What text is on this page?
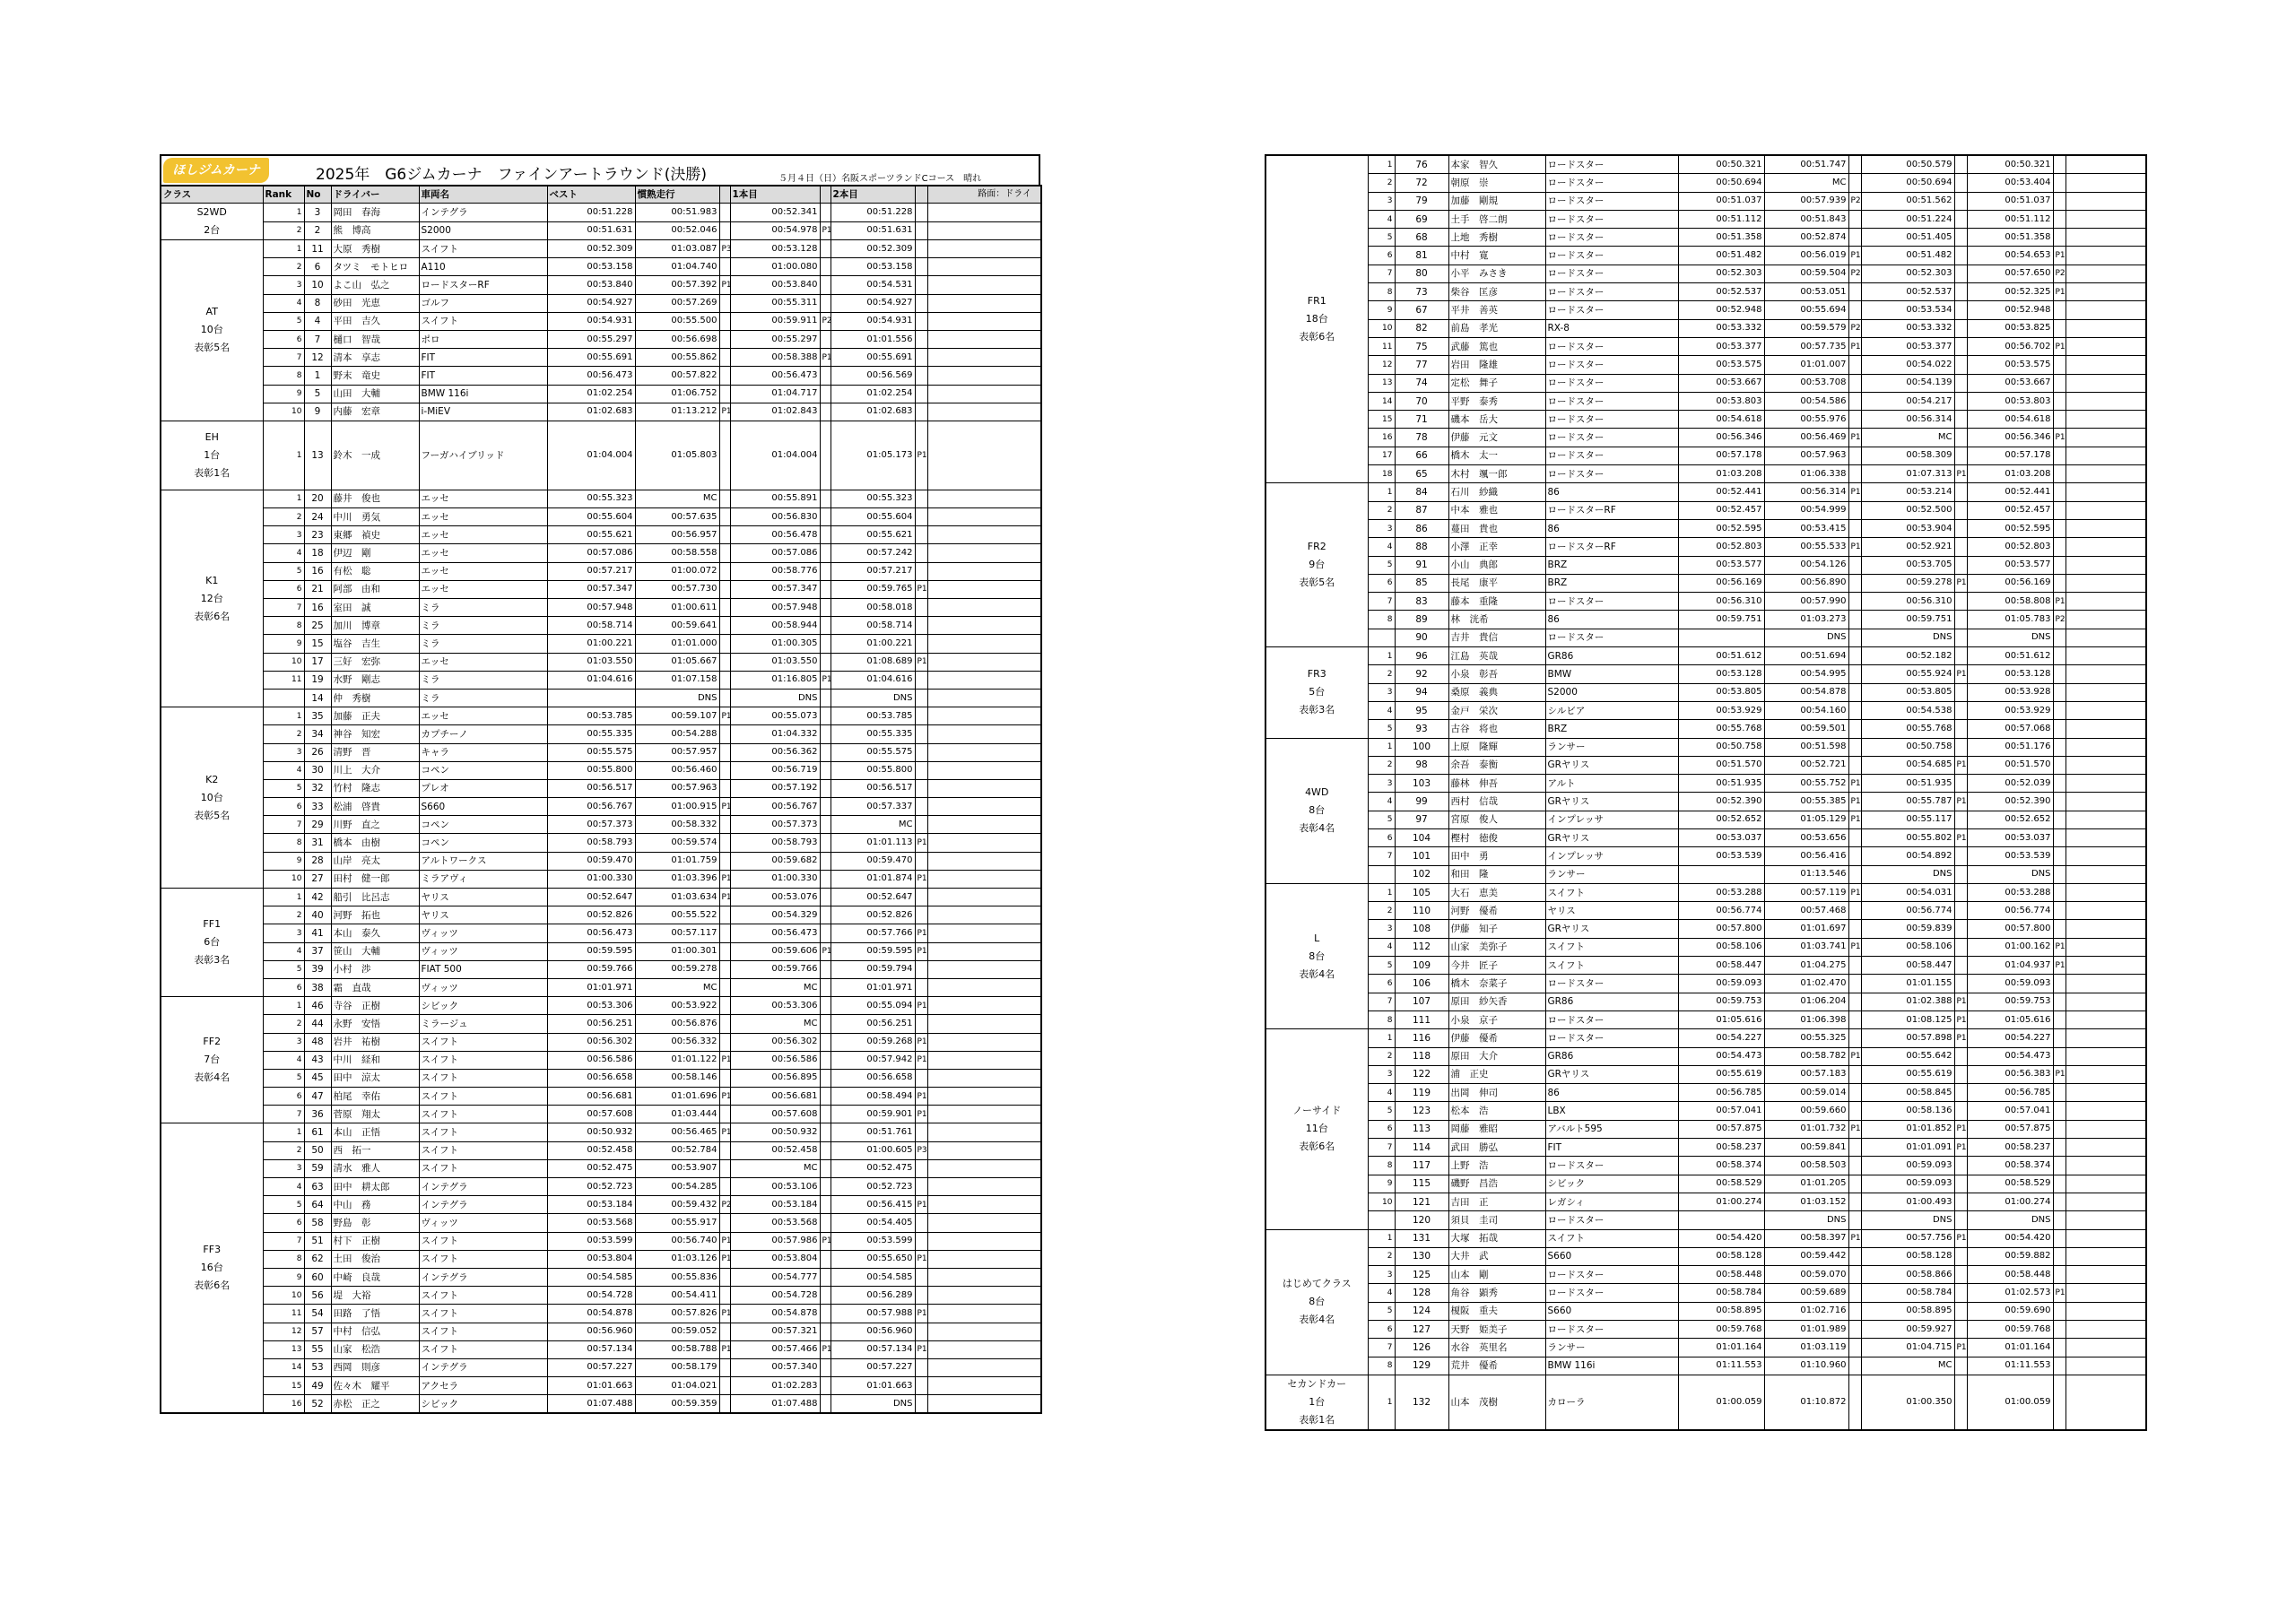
ほしジムカーナ	2025年　G6ジムカーナ　ファインアートラウンド(決勝)	５月４日（日）名阪スポーツランドCコース　晴れ
路面：ドライ
クラス	Rank	No	ドライバー	車両名	ベスト	慣熟走行		1本目		2本目		
S2WD
2台	1	3	岡田　春海	インテグラ	00:51.228	00:51.983		00:52.341		00:51.228		
	2	2	熊　博高	S2000	00:51.631	00:52.046		00:54.978	P1	00:51.631		
AT
10台
表彰5名	1	11	大原　秀樹	スイフト	00:52.309	01:03.087	P3	00:53.128		00:52.309		
	2	6	タツミ　モトヒロ	A110	00:53.158	01:04.740		01:00.080		00:53.158		
	3	10	よこ山　弘之	ロードスターRF	00:53.840	00:57.392	P1	00:53.840		00:54.531		
	4	8	砂田　光恵	ゴルフ	00:54.927	00:57.269		00:55.311		00:54.927		
	5	4	平田　吉久	スイフト	00:54.931	00:55.500		00:59.911	P2	00:54.931		
	6	7	樋口　智哉	ポロ	00:55.297	00:56.698		00:55.297		01:01.556		
	7	12	清本　享志	FIT	00:55.691	00:55.862		00:58.388	P1	00:55.691		
	8	1	野末　竜史	FIT	00:56.473	00:57.822		00:56.473		00:56.569		
	9	5	山田　大輔	BMW 116i	01:02.254	01:06.752		01:04.717		01:02.254		
	10	9	内藤　宏章	i-MiEV	01:02.683	01:13.212	P1	01:02.843		01:02.683		
EH
1台
表彰1名	1	13	鈴木　一成	フーガハイブリッド	01:04.004	01:05.803		01:04.004		01:05.173	P1	
K1
12台
表彰6名	1	20	藤井　俊也	エッセ	00:55.323	MC		00:55.891		00:55.323		
	2	24	中川　勇気	エッセ	00:55.604	00:57.635		00:56.830		00:55.604		
	3	23	東郷　禎史	エッセ	00:55.621	00:56.957		00:56.478		00:55.621		
	4	18	伊辺　剛	エッセ	00:57.086	00:58.558		00:57.086		00:57.242		
	5	16	有松　聡	エッセ	00:57.217	01:00.072		00:58.776		00:57.217		
	6	21	阿部　由和	エッセ	00:57.347	00:57.730		00:57.347		00:59.765	P1	
	7	16	室田　誠	ミラ	00:57.948	01:00.611		00:57.948		00:58.018		
	8	25	加川　博章	ミラ	00:58.714	00:59.641		00:58.944		00:58.714		
	9	15	塩谷　吉生	ミラ	01:00.221	01:01.000		01:00.305		01:00.221		
	10	17	三好　宏弥	エッセ	01:03.550	01:05.667		01:03.550		01:08.689	P1	
	11	19	水野　剛志	ミラ	01:04.616	01:07.158		01:16.805	P1	01:04.616		
		14	仲　秀樹	ミラ		DNS		DNS		DNS		
K2
10台
表彰5名	1	35	加藤　正夫	エッセ	00:53.785	00:59.107	P1	00:55.073		00:53.785		
	2	34	神谷　知宏	カプチーノ	00:55.335	00:54.288		01:04.332		00:55.335		
	3	26	清野　晋	キャラ	00:55.575	00:57.957		00:56.362		00:55.575		
	4	30	川上　大介	コペン	00:55.800	00:56.460		00:56.719		00:55.800		
	5	32	竹村　隆志	プレオ	00:56.517	00:57.963		00:57.192		00:56.517		
	6	33	松浦　啓貴	S660	00:56.767	01:00.915	P1	00:56.767		00:57.337		
	7	29	川野　直之	コペン	00:57.373	00:58.332		00:57.373		MC		
	8	31	橋本　由樹	コペン	00:58.793	00:59.574		00:58.793		01:01.113	P1	
	9	28	山岸　亮太	アルトワークス	00:59.470	01:01.759		00:59.682		00:59.470		
	10	27	田村　健一郎	ミラアヴィ	01:00.330	01:03.396	P1	01:00.330		01:01.874	P1	
FF1
6台
表彰3名	1	42	船引　比呂志	ヤリス	00:52.647	01:03.634	P1	00:53.076		00:52.647		
	2	40	河野　拓也	ヤリス	00:52.826	00:55.522		00:54.329		00:52.826		
	3	41	本山　泰久	ヴィッツ	00:56.473	00:57.117		00:56.473		00:57.766	P1	
	4	37	笹山　大輔	ヴィッツ	00:59.595	01:00.301		00:59.606	P1	00:59.595	P1	
	5	39	小村　渉	FIAT 500	00:59.766	00:59.278		00:59.766		00:59.794		
	6	38	霜　直哉	ヴィッツ	01:01.971	MC		MC		01:01.971		
FF2
7台
表彰4名	1	46	寺谷　正樹	シビック	00:53.306	00:53.922		00:53.306		00:55.094	P1	
	2	44	永野　安悟	ミラージュ	00:56.251	00:56.876		MC		00:56.251		
	3	48	岩井　祐樹	スイフト	00:56.302	00:56.332		00:56.302		00:59.268	P1	
	4	43	中川　経和	スイフト	00:56.586	01:01.122	P1	00:56.586		00:57.942	P1	
	5	45	田中　涼太	スイフト	00:56.658	00:58.146		00:56.895		00:56.658		
	6	47	柏尾　幸佑	スイフト	00:56.681	01:01.696	P1	00:56.681		00:58.494	P1	
	7	36	菅原　翔太	スイフト	00:57.608	01:03.444		00:57.608		00:59.901	P1	
FF3
16台
表彰6名	1	61	本山　正悟	スイフト	00:50.932	00:56.465	P1	00:50.932		00:51.761		
	2	50	西　拓一	スイフト	00:52.458	00:52.784		00:52.458		01:00.605	P3	
	3	59	清水　雅人	スイフト	00:52.475	00:53.907		MC		00:52.475		
	4	63	田中　耕太郎	インテグラ	00:52.723	00:54.285		00:53.106		00:52.723		
	5	64	中山　務	インテグラ	00:53.184	00:59.432	P2	00:53.184		00:56.415	P1	
	6	58	野島　彰	ヴィッツ	00:53.568	00:55.917		00:53.568		00:54.405		
	7	51	村下　正樹	スイフト	00:53.599	00:56.740	P1	00:57.986	P1	00:53.599		
	8	62	土田　俊治	スイフト	00:53.804	01:03.126	P1	00:53.804		00:55.650	P1	
	9	60	中崎　良哉	インテグラ	00:54.585	00:55.836		00:54.777		00:54.585		
	10	56	堤　大裕	スイフト	00:54.728	00:54.411		00:54.728		00:56.289		
	11	54	田路　了悟	スイフト	00:54.878	00:57.826	P1	00:54.878		00:57.988	P1	
	12	57	中村　信弘	スイフト	00:56.960	00:59.052		00:57.321		00:56.960		
	13	55	山家　松浩	スイフト	00:57.134	00:58.788	P1	00:57.466	P1	00:57.134	P1	
	14	53	西岡　則彦	インテグラ	00:57.227	00:58.179		00:57.340		00:57.227		
	15	49	佐々木　耀平	アクセラ	01:01.663	01:04.021		01:02.283		01:01.663		
	16	52	赤松　正之	シビック	01:07.488	00:59.359		01:07.488		DNS		
FR1
18台
表彰6名	1	76	本家　智久	ロードスター	00:50.321	00:51.747		00:50.579		00:50.321		
	2	72	朝原　崇	ロードスター	00:50.694	MC		00:50.694		00:53.404		
	3	79	加藤　剛規	ロードスター	00:51.037	00:57.939	P2	00:51.562		00:51.037		
	4	69	土手　啓二朗	ロードスター	00:51.112	00:51.843		00:51.224		00:51.112		
	5	68	上地　秀樹	ロードスター	00:51.358	00:52.874		00:51.405		00:51.358		
	6	81	中村　寛	ロードスター	00:51.482	00:56.019	P1	00:51.482		00:54.653	P1	
	7	80	小平　みさき	ロードスター	00:52.303	00:59.504	P2	00:52.303		00:57.650	P2	
	8	73	柴谷　匡彦	ロードスター	00:52.537	00:53.051		00:52.537		00:52.325	P1	
	9	67	平井　善英	ロードスター	00:52.948	00:55.694		00:53.534		00:52.948		
	10	82	前島　孝光	RX-8	00:53.332	00:59.579	P2	00:53.332		00:53.825		
	11	75	武藤　篤也	ロードスター	00:53.377	00:57.735	P1	00:53.377		00:56.702	P1	
	12	77	岩田　隆雄	ロードスター	00:53.575	01:01.007		00:54.022		00:53.575		
	13	74	定松　舞子	ロードスター	00:53.667	00:53.708		00:54.139		00:53.667		
	14	70	平野　泰秀	ロードスター	00:53.803	00:54.586		00:54.217		00:53.803		
	15	71	磯本　岳大	ロードスター	00:54.618	00:55.976		00:56.314		00:54.618		
	16	78	伊藤　元文	ロードスター	00:56.346	00:56.469	P1	MC		00:56.346	P1	
	17	66	橋木　太一	ロードスター	00:57.178	00:57.963		00:58.309		00:57.178		
	18	65	木村　颯一郎	ロードスター	01:03.208	01:06.338		01:07.313	P1	01:03.208		
FR2
9台
表彰5名	1	84	石川　紗織	86	00:52.441	00:56.314	P1	00:53.214		00:52.441		
	2	87	中本　雅也	ロードスターRF	00:52.457	00:54.999		00:52.500		00:52.457		
	3	86	蔓田　貴也	86	00:52.595	00:53.415		00:53.904		00:52.595		
	4	88	小澤　正幸	ロードスターRF	00:52.803	00:55.533	P1	00:52.921		00:52.803		
	5	91	小山　典郎	BRZ	00:53.577	00:54.126		00:53.705		00:53.577		
	6	85	長尾　康平	BRZ	00:56.169	00:56.890		00:59.278	P1	00:56.169		
	7	83	藤本　重隆	ロードスター	00:56.310	00:57.990		00:56.310		00:58.808	P1	
	8	89	林　洸希	86	00:59.751	01:03.273		00:59.751		01:05.783	P2	
		90	吉井　貴信	ロードスター		DNS		DNS		DNS		
FR3
5台
表彰3名	1	96	江島　英哉	GR86	00:51.612	00:51.694		00:52.182		00:51.612		
	2	92	小泉　彰吾	BMW	00:53.128	00:54.995		00:55.924	P1	00:53.128		
	3	94	桑原　義典	S2000	00:53.805	00:54.878		00:53.805		00:53.928		
	4	95	金戸　栄次	シルビア	00:53.929	00:54.160		00:54.538		00:53.929		
	5	93	古谷　将也	BRZ	00:55.768	00:59.501		00:55.768		00:57.068		
4WD
8台
表彰4名	1	100	上原　隆輝	ランサー	00:50.758	00:51.598		00:50.758		00:51.176		
	2	98	余吾　泰衡	GRヤリス	00:51.570	00:52.721		00:54.685	P1	00:51.570		
	3	103	藤林　伸吾	アルト	00:51.935	00:55.752	P1	00:51.935		00:52.039		
	4	99	西村　信哉	GRヤリス	00:52.390	00:55.385	P1	00:55.787	P1	00:52.390		
	5	97	宮原　俊人	インプレッサ	00:52.652	01:05.129	P1	00:55.117		00:52.652		
	6	104	樫村　徳俊	GRヤリス	00:53.037	00:53.656		00:55.802	P1	00:53.037		
	7	101	田中　勇	インプレッサ	00:53.539	00:56.416		00:54.892		00:53.539		
		102	和田　隆	ランサー		01:13.546		DNS		DNS		
L
8台
表彰4名	1	105	大石　恵美	スイフト	00:53.288	00:57.119	P1	00:54.031		00:53.288		
	2	110	河野　優希	ヤリス	00:56.774	00:57.468		00:56.774		00:56.774		
	3	108	伊藤　知子	GRヤリス	00:57.800	01:01.697		00:59.839		00:57.800		
	4	112	山家　美弥子	スイフト	00:58.106	01:03.741	P1	00:58.106		01:00.162	P1	
	5	109	今井　匠子	スイフト	00:58.447	01:04.275		00:58.447		01:04.937	P1	
	6	106	橋木　奈菜子	ロードスター	00:59.093	01:02.470		01:01.155		00:59.093		
	7	107	原田　紗矢香	GR86	00:59.753	01:06.204		01:02.388	P1	00:59.753		
	8	111	小泉　京子	ロードスター	01:05.616	01:06.398		01:08.125	P1	01:05.616		
ノーサイド
11台
表彰6名	1	116	伊藤　優希	ロードスター	00:54.227	00:55.325		00:57.898	P1	00:54.227		
	2	118	原田　大介	GR86	00:54.473	00:58.782	P1	00:55.642		00:54.473		
	3	122	浦　正史	GRヤリス	00:55.619	00:57.183		00:55.619		00:56.383	P1	
	4	119	出岡　伸司	86	00:56.785	00:59.014		00:58.845		00:56.785		
	5	123	松本　浩	LBX	00:57.041	00:59.660		00:58.136		00:57.041		
	6	113	岡藤　雅昭	アバルト595	00:57.875	01:01.732	P1	01:01.852	P1	00:57.875		
	7	114	武田　勝弘	FIT	00:58.237	00:59.841		01:01.091	P1	00:58.237		
	8	117	上野　浩	ロードスター	00:58.374	00:58.503		00:59.093		00:58.374		
	9	115	磯野　昌浩	シビック	00:58.529	01:01.205		00:59.093		00:58.529		
	10	121	吉田　正	レガシィ	01:00.274	01:03.152		01:00.493		01:00.274		
		120	須貝　圭司	ロードスター		DNS		DNS		DNS		
はじめてクラス
8台
表彰4名	1	131	大塚　拓哉	スイフト	00:54.420	00:58.397	P1	00:57.756	P1	00:54.420		
	2	130	大井　武	S660	00:58.128	00:59.442		00:58.128		00:59.882		
	3	125	山本　剛	ロードスター	00:58.448	00:59.070		00:58.866		00:58.448		
	4	128	角谷　顕秀	ロードスター	00:58.784	00:59.689		00:58.784		01:02.573	P1	
	5	124	榎阪　重夫	S660	00:58.895	01:02.716		00:58.895		00:59.690		
	6	127	天野　姫美子	ロードスター	00:59.768	01:01.989		00:59.927		00:59.768		
	7	126	水谷　英里名	ランサー	01:01.164	01:03.119		01:04.715	P1	01:01.164		
	8	129	荒井　優希	BMW 116i	01:11.553	01:10.960		MC		01:11.553		
セカンドカー
1台
表彰1名	1	132	山本　茂樹	カローラ	01:00.059	01:10.872		01:00.350		01:00.059		
